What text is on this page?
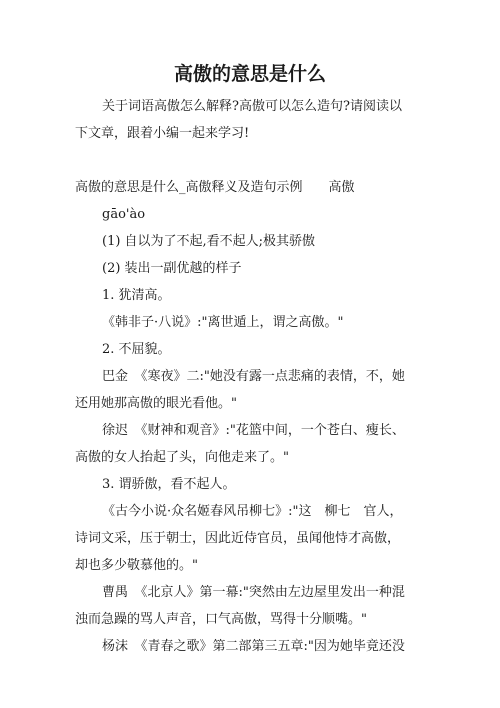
高傲的意思是什么
关于词语高傲怎么解释?高傲可以怎么造句?请阅读以
下文章，跟着小编一起来学习!
高傲的意思是什么_高傲释义及造句示例　　高傲
gāo'ào
(1) 自以为了不起,看不起人;极其骄傲
(2) 装出一副优越的样子
1. 犹清高。
《韩非子·八说》:"离世遁上，谓之高傲。"
2. 不屈貌。
巴金　《寒夜》二:"她没有露一点悲痛的表情，不，她
还用她那高傲的眼光看他。"
徐迟　《财神和观音》:"花篮中间，一个苍白、瘦长、
高傲的女人抬起了头，向他走来了。"
3. 谓骄傲，看不起人。
《古今小说·众名姬春风吊柳七》:"这　柳七　官人，
诗词文采，压于朝士，因此近侍官员，虽闻他恃才高傲，
却也多少敬慕他的。"
曹禺　《北京人》第一幕:"突然由左边屋里发出一种混
浊而急躁的骂人声音，口气高傲，骂得十分顺嘴。"
杨沫　《青春之歌》第二部第三五章:"因为她毕竟还没
